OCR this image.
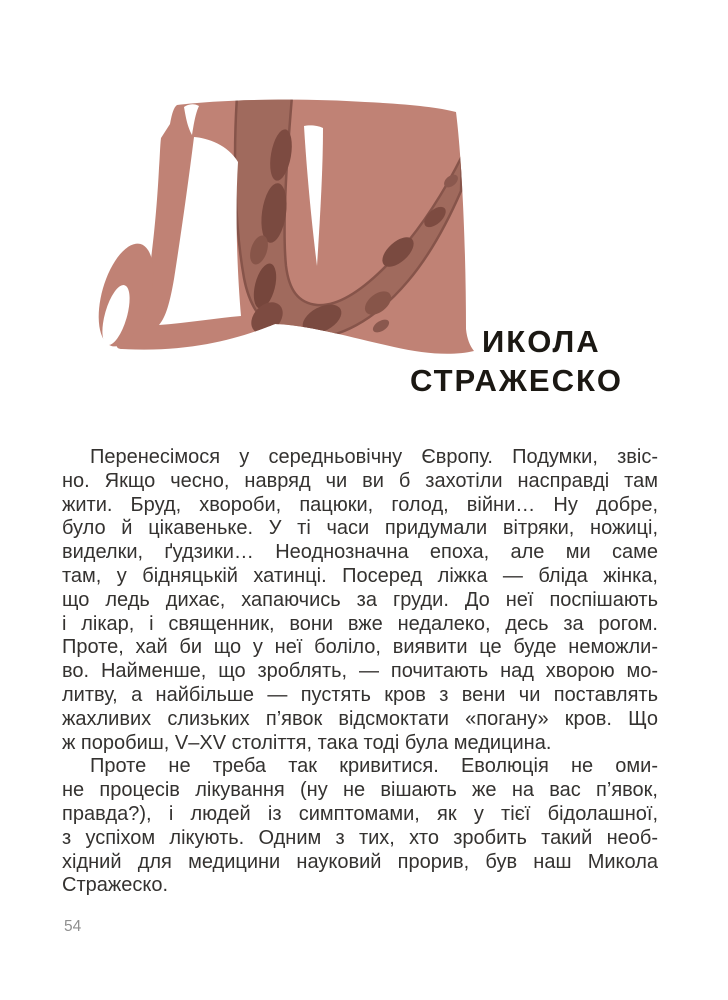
ИКОЛА
СТРАЖЕСКО
Перенесімося у середньовічну Європу. Подумки, звіс-
но. Якщо чесно, навряд чи ви б захотіли насправді там
жити. Бруд, хвороби, пацюки, голод, війни… Ну добре,
було й цікавеньке. У ті часи придумали вітряки, ножиці,
виделки, ґудзики… Неоднозначна епоха, але ми саме
там, у бідняцькій хатинці. Посеред ліжка — бліда жінка,
що ледь дихає, хапаючись за груди. До неї поспішають
і лікар, і священник, вони вже недалеко, десь за рогом.
Проте, хай би що у неї боліло, виявити це буде неможли-
во. Найменше, що зроблять, — почитають над хворою мо-
литву, а найбільше — пустять кров з вени чи поставлять
жахливих слизьких п’явок відсмоктати «погану» кров. Що
ж поробиш, V–XV століття, така тоді була медицина.
Проте не треба так кривитися. Еволюція не оми-
не процесів лікування (ну не вішають же на вас п’явок,
правда?), і людей із симптомами, як у тієї бідолашної,
з успіхом лікують. Одним з тих, хто зробить такий необ-
хідний для медицини науковий прорив, був наш Микола
Стражеско.
54
